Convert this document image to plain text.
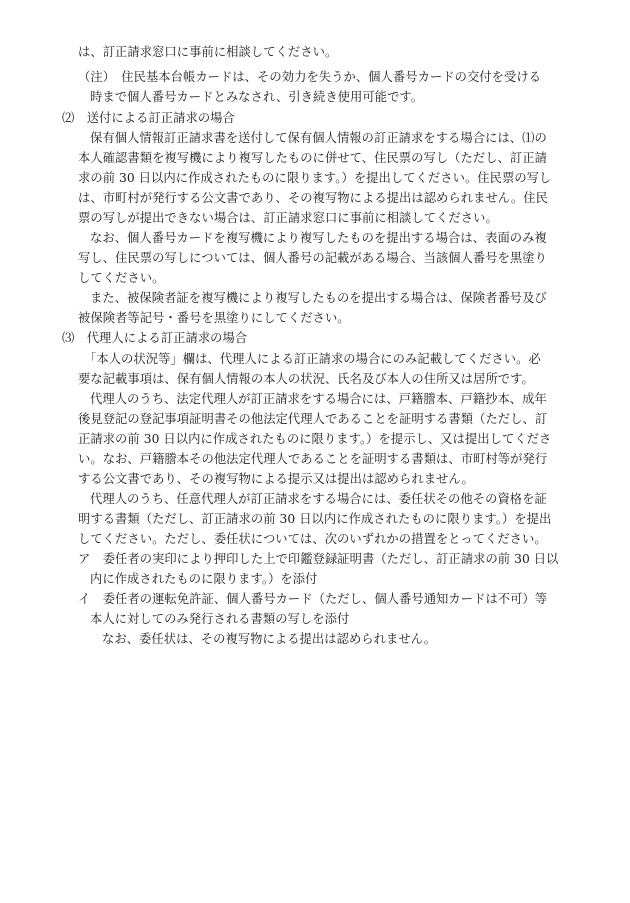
は、訂正請求窓口に事前に相談してください。
（注）　住民基本台帳カードは、その効力を失うか、個人番号カードの交付を受ける
時まで個人番号カードとみなされ、引き続き使用可能です。
⑵　送付による訂正請求の場合
保有個人情報訂正請求書を送付して保有個人情報の訂正請求をする場合には、⑴の
本人確認書類を複写機により複写したものに併せて、住民票の写し（ただし、訂正請
求の前 30 日以内に作成されたものに限ります。）を提出してください。住民票の写し
は、市町村が発行する公文書であり、その複写物による提出は認められません。住民
票の写しが提出できない場合は、訂正請求窓口に事前に相談してください。
なお、個人番号カードを複写機により複写したものを提出する場合は、表面のみ複
写し、住民票の写しについては、個人番号の記載がある場合、当該個人番号を黒塗り
してください。
また、被保険者証を複写機により複写したものを提出する場合は、保険者番号及び
被保険者等記号・番号を黒塗りにしてください。
⑶　代理人による訂正請求の場合
「本人の状況等」欄は、代理人による訂正請求の場合にのみ記載してください。必
要な記載事項は、保有個人情報の本人の状況、氏名及び本人の住所又は居所です。
代理人のうち、法定代理人が訂正請求をする場合には、戸籍謄本、戸籍抄本、成年
後見登記の登記事項証明書その他法定代理人であることを証明する書類（ただし、訂
正請求の前 30 日以内に作成されたものに限ります。）を提示し、又は提出してくださ
い。なお、戸籍謄本その他法定代理人であることを証明する書類は、市町村等が発行
する公文書であり、その複写物による提示又は提出は認められません。
代理人のうち、任意代理人が訂正請求をする場合には、委任状その他その資格を証
明する書類（ただし、訂正請求の前 30 日以内に作成されたものに限ります。）を提出
してください。ただし、委任状については、次のいずれかの措置をとってください。
ア　委任者の実印により押印した上で印鑑登録証明書（ただし、訂正請求の前 30 日以
内に作成されたものに限ります。）を添付
イ　委任者の運転免許証、個人番号カード（ただし、個人番号通知カードは不可）等
本人に対してのみ発行される書類の写しを添付
なお、委任状は、その複写物による提出は認められません。
